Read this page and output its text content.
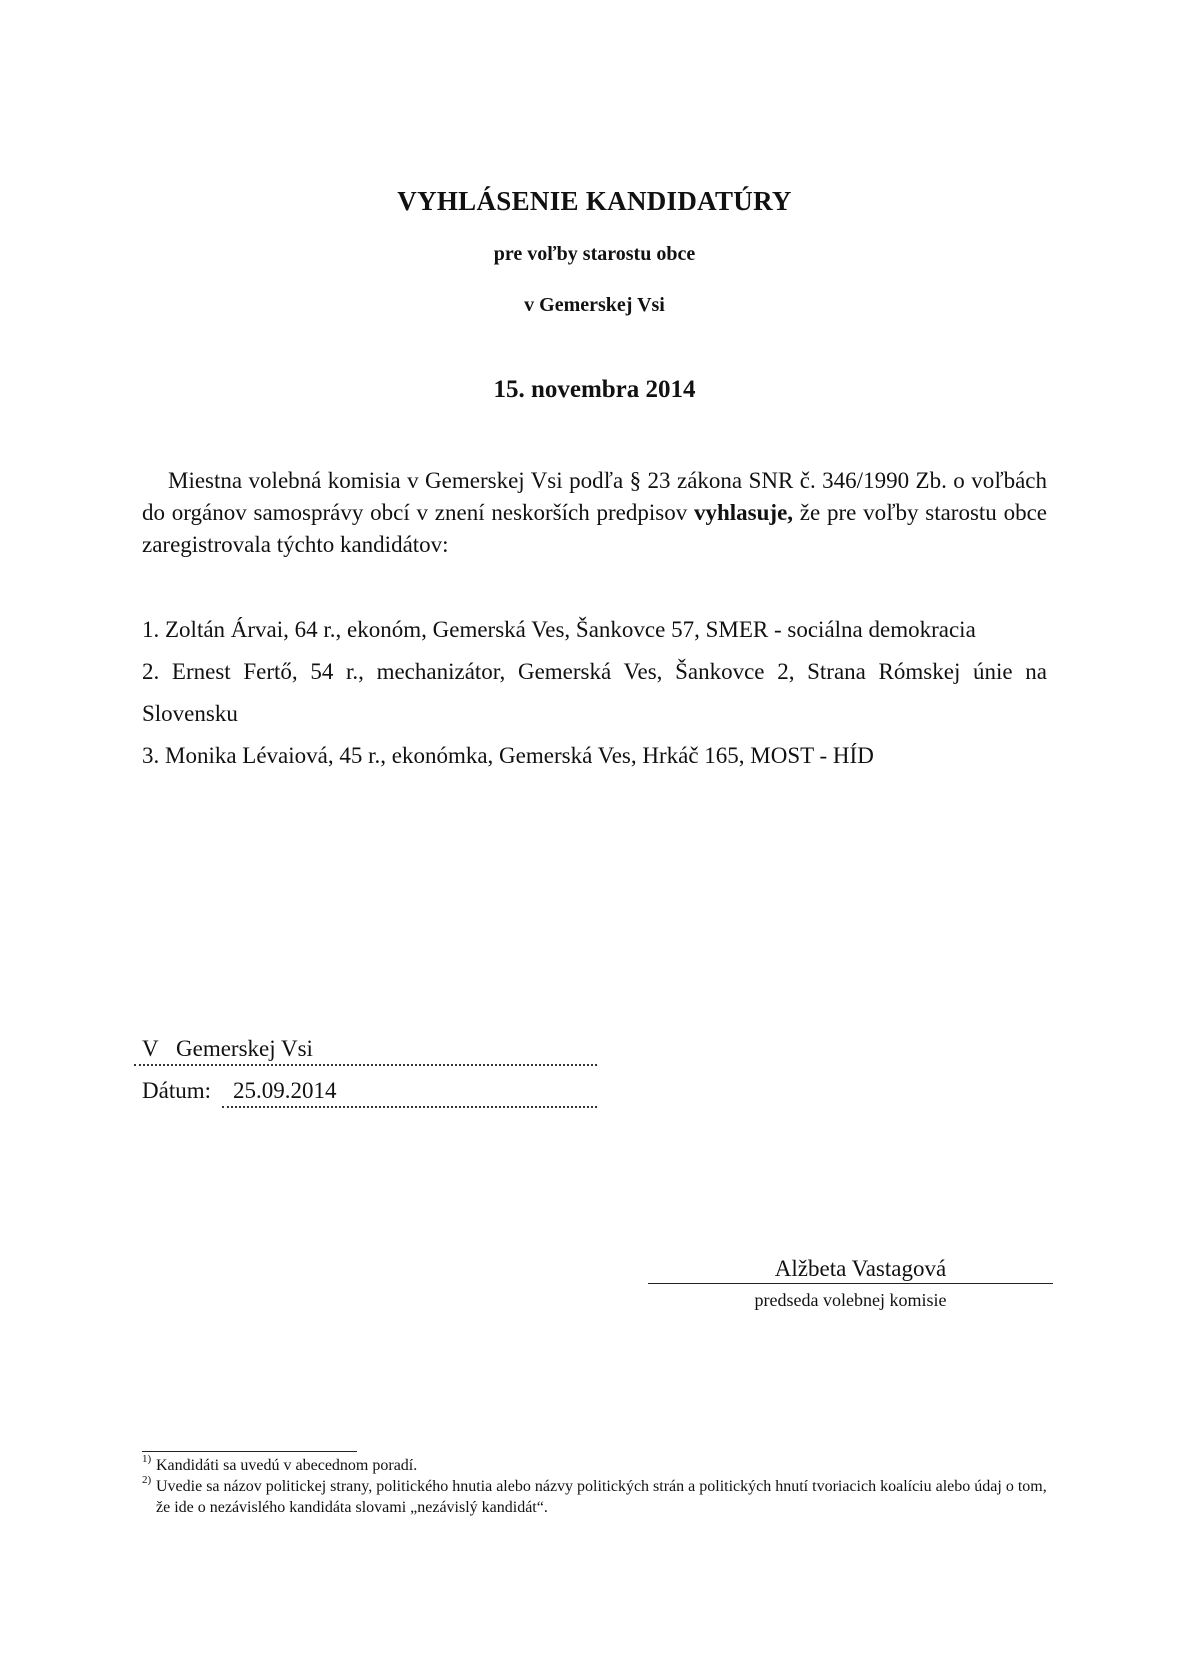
VYHLÁSENIE KANDIDATÚRY
pre voľby starostu obce
v Gemerskej Vsi
15. novembra 2014

Miestna volebná komisia v Gemerskej Vsi podľa § 23 zákona SNR č. 346/1990 Zb. o voľbách do orgánov samosprávy obcí v znení neskorších predpisov vyhlasuje, že pre voľby starostu obce zaregistrovala týchto kandidátov:

1. Zoltán Árvai, 64 r., ekonóm, Gemerská Ves, Šankovce 57, SMER - sociálna demokracia
2. Ernest Fertő, 54 r., mechanizátor, Gemerská Ves, Šankovce 2, Strana Rómskej únie na Slovensku
3. Monika Lévaiová, 45 r., ekonómka, Gemerská Ves, Hrkáč 165, MOST - HÍD
V Gemerskej Vsi
Dátum: 25.09.2014
Alžbeta Vastagová
predseda volebnej komisie
1) Kandidáti sa uvedú v abecednom poradí.
2) Uvedie sa názov politickej strany, politického hnutia alebo názvy politických strán a politických hnutí tvoriacich koalíciu alebo údaj o tom, že ide o nezávislého kandidáta slovami „nezávislý kandidát“.
